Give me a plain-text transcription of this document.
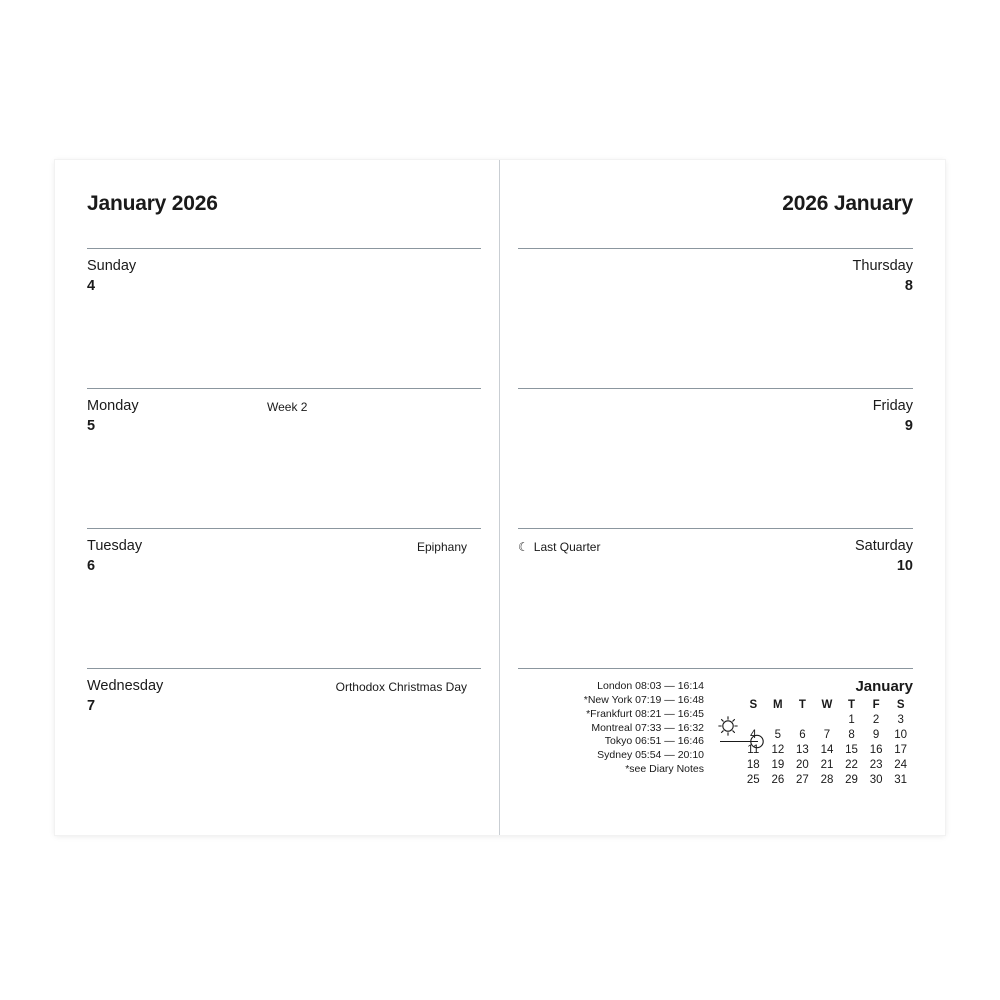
January 2026
Sunday
4
Monday	Week 2
5
Tuesday	Epiphany
6
Wednesday	Orthodox Christmas Day
7
2026 January
Thursday
8
Friday
9
Saturday
☾ Last Quarter
10
London 08:03 — 16:14
*New York 07:19 — 16:48
*Frankfurt 08:21 — 16:45
Montreal 07:33 — 16:32
Tokyo 06:51 — 16:46
Sydney 05:54 — 20:10
*see Diary Notes
January
S	M	T	W	T	F	S
				1	2	3
4	5	6	7	8	9	10
11	12	13	14	15	16	17
18	19	20	21	22	23	24
25	26	27	28	29	30	31
